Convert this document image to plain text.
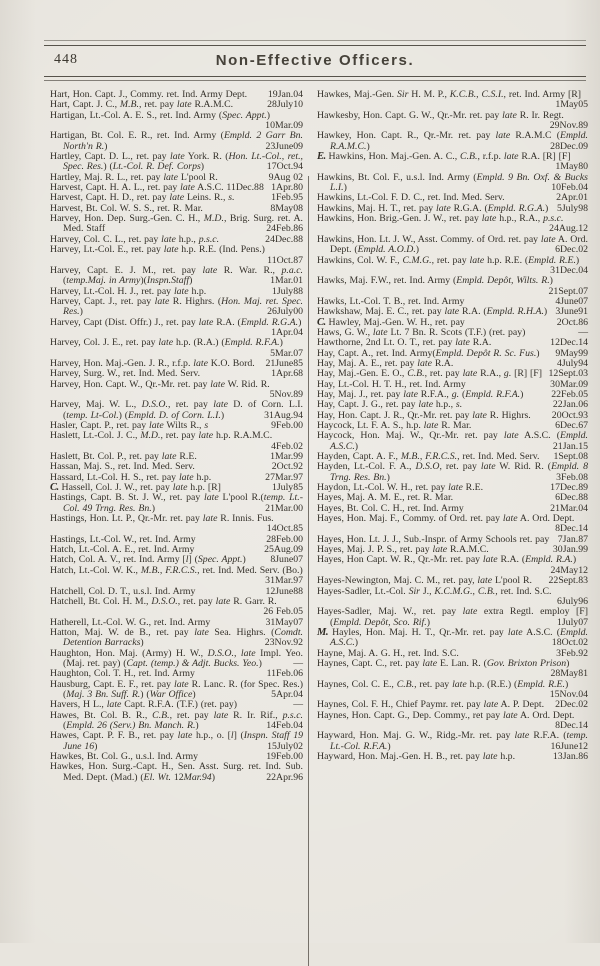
448	Non-Effective Officers.
Hart, Hon. Capt. J., Commy. ret. Ind. Army Dept.	19Jan.04
Hart, Capt. J. C., M.B., ret. pay late R.A.M.C.	28July10
Hartigan, Lt.-Col. A. E. S., ret. Ind. Army (Spec. Appt.)
10Mar.09
Hartigan, Bt. Col. E. R., ret. Ind. Army (Empld. 2 Garr Bn. North'n R.)	23June09
Hartley, Capt. D. L., ret. pay late York. R. (Hon. Lt.-Col., ret., Spec. Res.) (Lt.-Col. R. Def. Corps)	17Oct.94
Hartley, Maj. R. L., ret. pay late L'pool R.	9Aug 02
Harvest, Capt. H. A. L., ret. pay late A.S.C. 11Dec.88 1Apr.80
Harvest, Capt. H. D., ret. pay late Leins. R., s.	1Feb.95
Harvest, Bt. Col. W. S. S., ret. R. Mar.	8May08
Harvey, Hon. Dep. Surg.-Gen. C. H., M.D., Brig. Surg. ret. A. Med. Staff	24Feb.86
Harvey, Col. C. L., ret. pay late h.p., p.s.c.	24Dec.88
Harvey, Lt.-Col. E., ret. pay late h.p. R.E. (Ind. Pens.)
11Oct.87
Harvey, Capt. E. J. M., ret. pay late R. War. R., p.a.c.(temp.Maj. in Army)(Inspn.Staff)	1Mar.01
Harvey, Lt.-Col. H. J., ret. pay late h.p.	1July88
Harvey, Capt. J., ret. pay late R. Highrs. (Hon. Maj. ret. Spec. Res.)	26July00
Harvey, Capt (Dist. Offr.) J., ret. pay late R.A. (Empld. R.G.A.)
1Apr.04
Harvey, Col. J. E., ret. pay late h.p. (R.A.) (Empld. R.F.A.)
5Mar.07
Harvey, Hon. Maj.-Gen. J. R., r.f.p. late K.O. Bord.	21June85
Harvey, Surg. W., ret. Ind. Med. Serv.	1Apr.68
Harvey, Hon. Capt. W., Qr.-Mr. ret. pay late W. Rid. R.
5Nov.89
Harvey, Maj. W. L., D.S.O., ret. pay late D. of Corn. L.I. (temp. Lt-Col.) (Empld. D. of Corn. L.I.)	31Aug.94
Hasler, Capt. P., ret. pay late Wilts R., s	9Feb.00
Haslett, Lt.-Col. J. C., M.D., ret. pay late h.p. R.A.M.C.
4Feb.02
Haslett, Bt. Col. P., ret. pay late R.E.	1Mar.99
Hassan, Maj. S., ret. Ind. Med. Serv.	2Oct.92
Hassard, Lt.-Col. H. S., ret. pay late h.p.	27Mar.97
C. Hassell, Col. J. W., ret. pay late h.p. [R]	1July85
Hastings, Capt. B. St. J. W., ret. pay late L'pool R.(temp. Lt.-Col. 49 Trng. Res. Bn.)	21Mar.00
Hastings, Hon. Lt. P., Qr.-Mr. ret. pay late R. Innis. Fus.
14Oct.85
Hastings, Lt.-Col. W., ret. Ind. Army	28Feb.00
Hatch, Lt.-Col. A. E., ret. Ind. Army	25Aug.09
Hatch, Col. A. V., ret. Ind. Army [l] (Spec. Appt.)	8June07
Hatch, Lt.-Col. W. K., M.B., F.R.C.S., ret. Ind. Med. Serv. (Bo.)
31Mar.97
Hatchell, Col. D. T., u.s.l. Ind. Army	12June88
Hatchell, Bt. Col. H. M., D.S.O., ret. pay late R. Garr. R.
26 Feb.05
Hatherell, Lt.-Col. W. G., ret. Ind. Army	31May07
Hatton, Maj. W. de B., ret. pay late Sea. Highrs. (Comdt. Detention Barracks)	23Nov.92
Haughton, Hon. Maj. (Army) H. W., D.S.O., late Impl. Yeo. (Maj. ret. pay) (Capt. (temp.) & Adjt. Bucks. Yeo.)	—
Haughton, Col. T. H., ret. Ind. Army	11Feb.06
Hausburg, Capt. E. F., ret. pay late R. Lanc. R. (for Spec. Res.) (Maj. 3 Bn. Suff. R.) (War Office)	5Apr.04
Havers, H L., late Capt. R.F.A. (T.F.) (ret. pay)	—
Hawes, Bt. Col. B. R., C.B., ret. pay late R. Ir. Rif., p.s.c. (Empld. 26 (Serv.) Bn. Manch. R.)	14Feb.04
Hawes, Capt. P. F. B., ret. pay late h.p., o. [l] (Inspn. Staff 19 June 16)	15July02
Hawkes, Bt. Col. G., u.s.l. Ind. Army	19Feb.00
Hawkes, Hon. Surg.-Capt. H., Sen. Asst. Surg. ret. Ind. Sub. Med. Dept. (Mad.) (El. Wt. 12Mar.94)	22Apr.96
Hawkes, Maj.-Gen. Sir H. M. P., K.C.B., C.S.I., ret. Ind. Army [R]
1May05
Hawkesby, Hon. Capt. G. W., Qr.-Mr. ret. pay late R. Ir. Regt.
29Nov.89
Hawkey, Hon. Capt. R., Qr.-Mr. ret. pay late R.A.M.C (Empld. R.A.M.C.)	28Dec.09
E. Hawkins, Hon. Maj.-Gen. A. C., C.B., r.f.p. late R.A. [R] [F]
1May80
Hawkins, Bt. Col. F., u.s.l. Ind. Army (Empld. 9 Bn. Oxf. & Bucks L.I.)	10Feb.04
Hawkins, Lt.-Col. F. D. C., ret. Ind. Med. Serv.	2Apr.01
Hawkins, Maj. H. T., ret. pay late R.G.A. (Empld. R.G.A.) 5July98
Hawkins, Hon. Brig.-Gen. J. W., ret. pay late h.p., R.A., p.s.c.
24Aug.12
Hawkins, Hon. Lt. J. W., Asst. Commy. of Ord. ret. pay late A. Ord. Dept. (Empld. A.O.D.)	6Dec.02
Hawkins, Col. W. F., C.M.G., ret. pay late h.p. R.E. (Empld. R.E.)
31Dec.04
Hawks, Maj. F.W., ret. Ind. Army (Empld. Depôt, Wilts. R.)
21Sept.07
Hawks, Lt.-Col. T. B., ret. Ind. Army	4June07
Hawkshaw, Maj. E. C., ret. pay late R.A. (Empld. R.H.A.) 3June91
C. Hawley, Maj.-Gen. W. H., ret. pay	2Oct.86
Haws, G. W., late Lt. 7 Bn. R. Scots (T.F.) (ret. pay)	—
Hawthorne, 2nd Lt. O. T., ret. pay late R.A.	12Dec.14
Hay, Capt. A., ret. Ind. Army(Empld. Depôt R. Sc. Fus.)	9May99
Hay, Maj. A. E., ret. pay late R.A.	4July94
Hay, Maj.-Gen. E. O., C.B., ret. pay late R.A., g. [R] [F] 12Sept.03
Hay, Lt.-Col. H. T. H., ret. Ind. Army	30Mar.09
Hay, Maj. J., ret. pay late R.F.A., g. (Empld. R.F.A.)	22Feb.05
Hay, Capt. J. G., ret. pay late h.p., s.	22Jan.06
Hay, Hon. Capt. J. R., Qr.-Mr. ret. pay late R. Highrs.	20Oct.93
Haycock, Lt. F. A. S., h.p. late R. Mar.	6Dec.67
Haycock, Hon. Maj. W., Qr.-Mr. ret. pay late A.S.C. (Empld. A.S.C.)	21Jan.15
Hayden, Capt. A. F., M.B., F.R.C.S., ret. Ind. Med. Serv.	1Sept.08
Hayden, Lt.-Col. F. A., D.S.O, ret. pay late W. Rid. R. (Empld. 8 Trng. Res. Bn.)	3Feb.08
Haydon, Lt.-Col. W. H., ret. pay late R.E.	17Dec.89
Hayes, Maj. A. M. E., ret. R. Mar.	6Dec.88
Hayes, Bt. Col. C. H., ret. Ind. Army	21Mar.04
Hayes, Hon. Maj. F., Commy. of Ord. ret. pay late A. Ord. Dept.
8Dec.14
Hayes, Hon. Lt. J. J., Sub.-Inspr. of Army Schools ret. pay 7Jan.87
Hayes, Maj. J. P. S., ret. pay late R.A.M.C.	30Jan.99
Hayes, Hon Capt. W. R., Qr.-Mr. ret. pay late R.A. (Empld. R.A.)
24May12
Hayes-Newington, Maj. C. M., ret. pay, late L'pool R.	22Sept.83
Hayes-Sadler, Lt.-Col. Sir J., K.C.M.G., C.B., ret. Ind. S.C.
6July96
Hayes-Sadler, Maj. W., ret. pay late extra Regtl. employ [F] (Empld. Depôt, Sco. Rif.)	1July07
M. Hayles, Hon. Maj. H. T., Qr.-Mr. ret. pay late A.S.C. (Empld. A.S.C.)	18Oct.02
Hayne, Maj. A. G. H., ret. Ind. S.C.	3Feb.92
Haynes, Capt. C., ret. pay late E. Lan. R. (Gov. Brixton Prison)
28May81
Haynes, Col. C. E., C.B., ret. pay late h.p. (R.E.) (Empld. R.E.)
15Nov.04
Haynes, Col. F. H., Chief Paymr. ret. pay late A. P. Dept.	2Dec.02
Haynes, Hon. Capt. G., Dep. Commy., ret pay late A. Ord. Dept.
8Dec.14
Hayward, Hon. Maj. G. W., Ridg.-Mr. ret. pay late R.F.A. (temp. Lt.-Col. R.F.A.)	16June12
Hayward, Hon. Maj.-Gen. H. B., ret. pay late h.p.	13Jan.86
